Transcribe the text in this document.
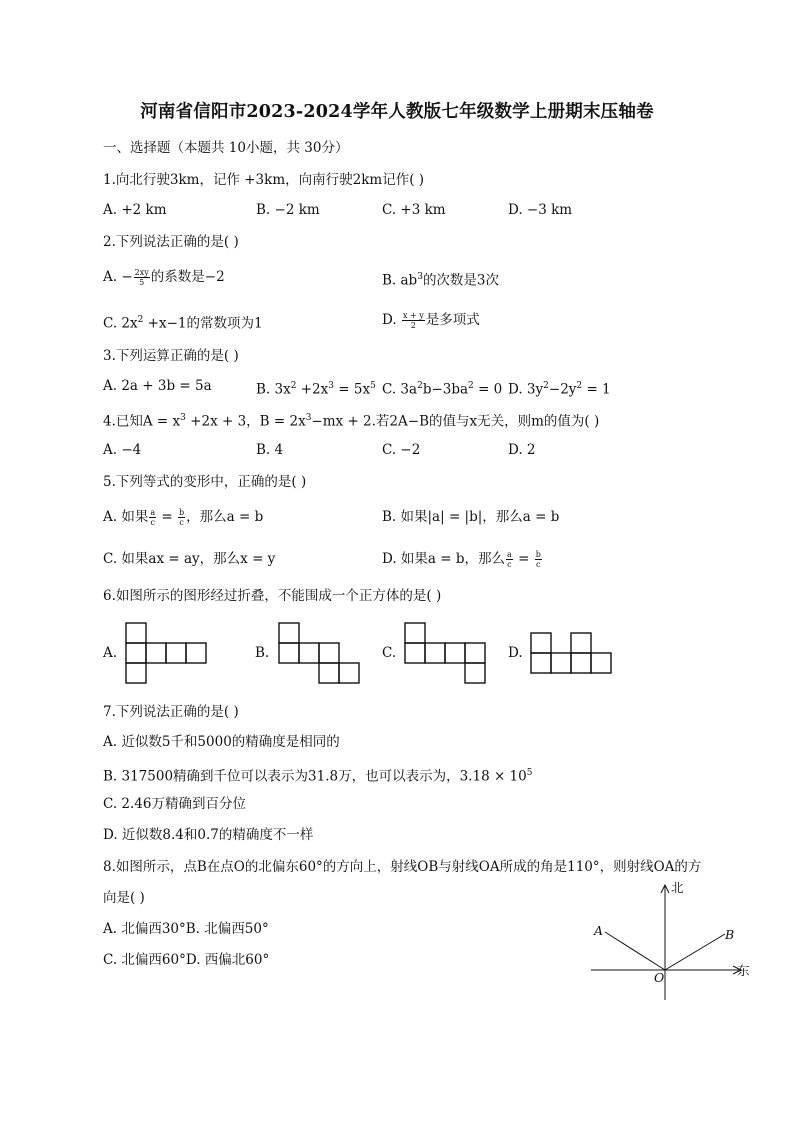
河南省信阳市2023-2024学年人教版七年级数学上册期末压轴卷
一、选择题（本题共 10小题，共 30分）
1.向北行驶3km，记作 +3km，向南行驶2km记作( )
A. +2 km	B. −2 km	C. +3 km	D. −3 km
2.下列说法正确的是( )
A. − $\frac{2xy}{5}$ 的系数是−2	B. $ab^3$的次数是3次
C. $2x^2 +x-1$的常数项为1	D. $\frac{x + y}{2}$ 是多项式
3.下列运算正确的是( )
A. 2a + 3b = 5a	B. $3x^2 +2x^3 = 5x^5$ C. $3a^2b-3ba^2 = 0$ D. $3y^2-2y^2 = 1$
4.已知$A = x^3 +2x + 3$，$B = 2x^3-mx + 2$.若2A−B的值与x无关，则m的值为( )
A. −4	B. 4	C. −2	D. 2
5.下列等式的变形中，正确的是( )
A. 如果 $\frac{a}{c} = \frac{b}{c}$ ，那么a = b	B. 如果|a| = |b|，那么a = b
C. 如果ax = ay，那么x = y	D. 如果a = b，那么 $\frac{a}{c} = \frac{b}{c}$
6.如图所示的图形经过折叠，不能围成一个正方体的是( )
A.	B.	C.	D.
7.下列说法正确的是( )
A. 近似数5千和5000的精确度是相同的
B. 317500精确到千位可以表示为31.8万，也可以表示为，$3.18 \times 10^5$
C. 2.46万精确到百分位
D. 近似数8.4和0.7的精确度不一样
8.如图所示，点B在点O的北偏东60°的方向上，射线OB与射线OA所成的角是110°，则射线OA的方
向是( )
A. 北偏西30°B. 北偏西50°
C. 北偏西60°D. 西偏北60°
北
东
A	B
O
